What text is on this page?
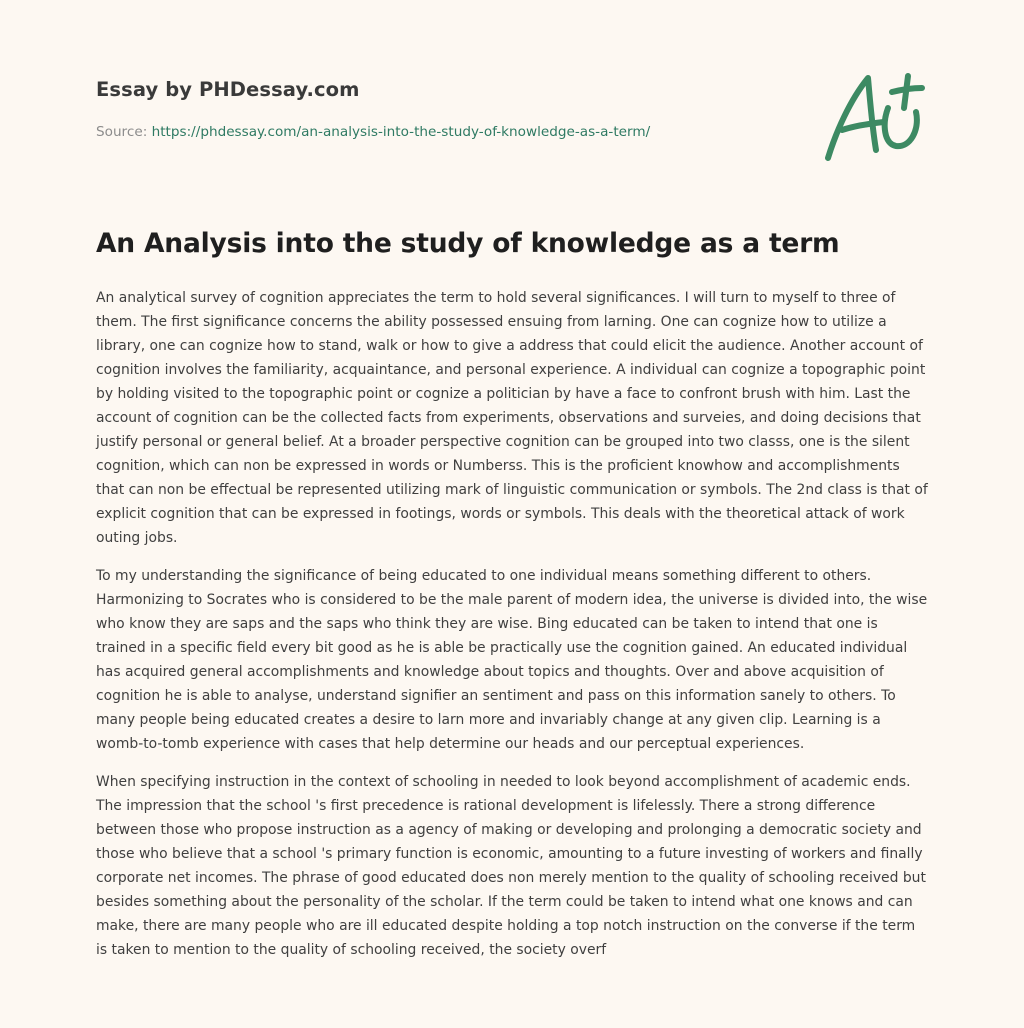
Essay by PHDessay.com
Source: https://phdessay.com/an-analysis-into-the-study-of-knowledge-as-a-term/
An Analysis into the study of knowledge as a term

An analytical survey of cognition appreciates the term to hold several significances. I will turn to myself to three of them. The first significance concerns the ability possessed ensuing from larning. One can cognize how to utilize a library, one can cognize how to stand, walk or how to give a address that could elicit the audience. Another account of cognition involves the familiarity, acquaintance, and personal experience. A individual can cognize a topographic point by holding visited to the topographic point or cognize a politician by have a face to confront brush with him. Last the account of cognition can be the collected facts from experiments, observations and surveies, and doing decisions that justify personal or general belief. At a broader perspective cognition can be grouped into two classs, one is the silent cognition, which can non be expressed in words or Numberss. This is the proficient knowhow and accomplishments that can non be effectual be represented utilizing mark of linguistic communication or symbols. The 2nd class is that of explicit cognition that can be expressed in footings, words or symbols. This deals with the theoretical attack of work outing jobs.

To my understanding the significance of being educated to one individual means something different to others. Harmonizing to Socrates who is considered to be the male parent of modern idea, the universe is divided into, the wise who know they are saps and the saps who think they are wise. Bing educated can be taken to intend that one is trained in a specific field every bit good as he is able be practically use the cognition gained. An educated individual has acquired general accomplishments and knowledge about topics and thoughts. Over and above acquisition of cognition he is able to analyse, understand signifier an sentiment and pass on this information sanely to others. To many people being educated creates a desire to larn more and invariably change at any given clip. Learning is a womb-to-tomb experience with cases that help determine our heads and our perceptual experiences.

When specifying instruction in the context of schooling in needed to look beyond accomplishment of academic ends. The impression that the school 's first precedence is rational development is lifelessly. There a strong difference between those who propose instruction as a agency of making or developing and prolonging a democratic society and those who believe that a school 's primary function is economic, amounting to a future investing of workers and finally corporate net incomes. The phrase of good educated does non merely mention to the quality of schooling received but besides something about the personality of the scholar. If the term could be taken to intend what one knows and can make, there are many people who are ill educated despite holding a top notch instruction on the converse if the term is taken to mention to the quality of schooling received, the society overf
